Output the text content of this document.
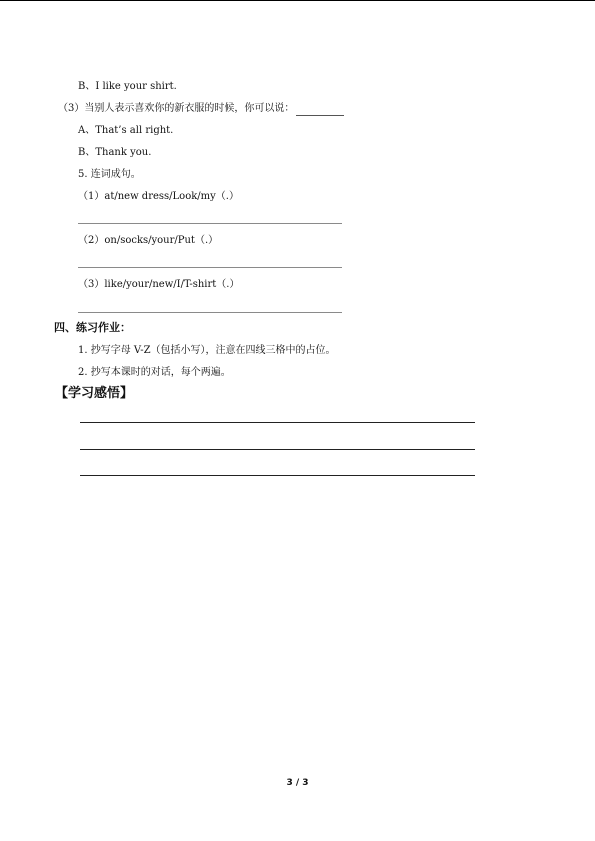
B、I like your shirt.
（3）当别人表示喜欢你的新衣服的时候，你可以说：
A、That’s all right.
B、Thank you.
5. 连词成句。
（1）at/new dress/Look/my（.）
（2）on/socks/your/Put（.）
（3）like/your/new/I/T-shirt（.）
四、练习作业：
1. 抄写字母 V-Z（包括小写），注意在四线三格中的占位。
2. 抄写本课时的对话，每个两遍。
【学习感悟】
3 / 3
